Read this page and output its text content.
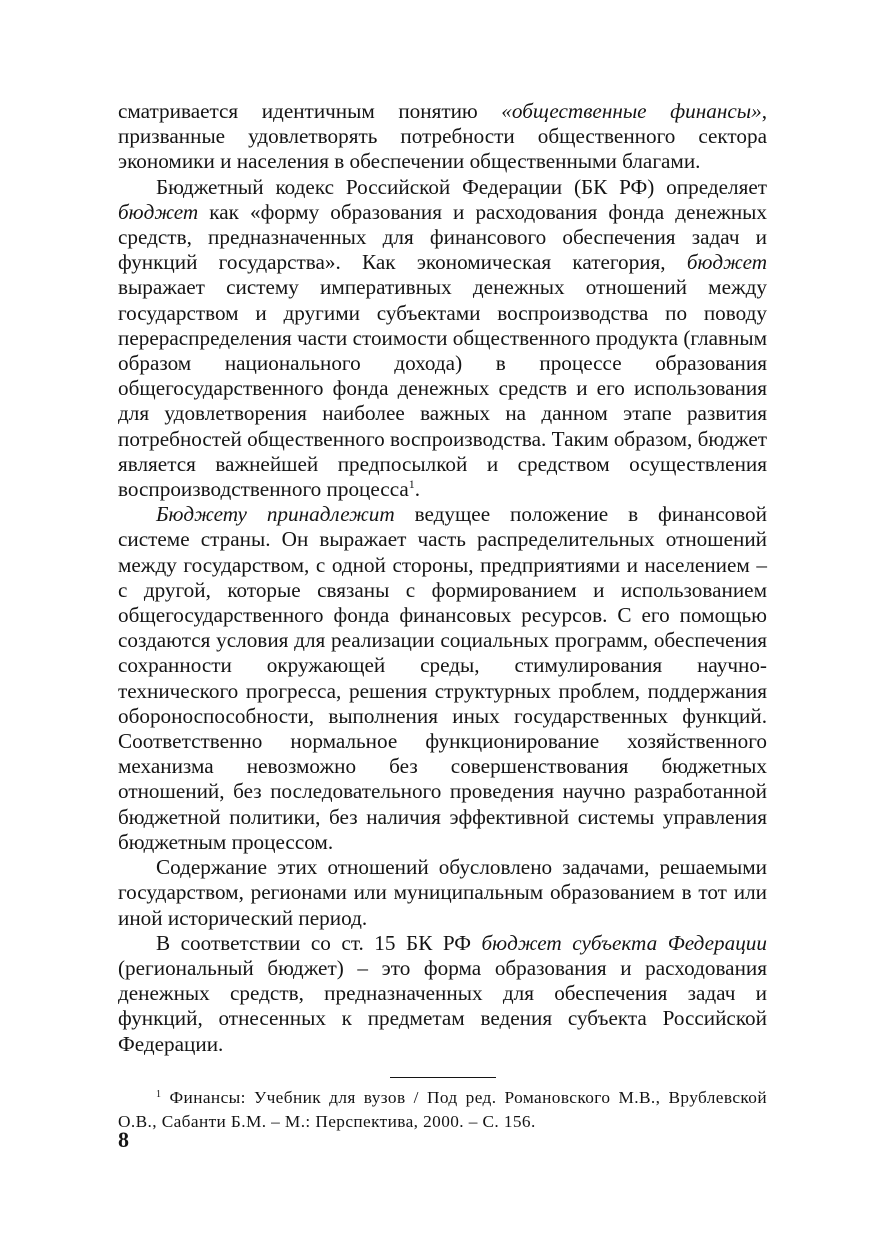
сматривается идентичным понятию «общественные финансы», призванные удовлетворять потребности общественного сектора экономики и населения в обеспечении общественными благами.

Бюджетный кодекс Российской Федерации (БК РФ) определяет бюджет как «форму образования и расходования фонда денежных средств, предназначенных для финансового обеспечения задач и функций государства». Как экономическая категория, бюджет выражает систему императивных денежных отношений между государством и другими субъектами воспроизводства по поводу перераспределения части стоимости общественного продукта (главным образом национального дохода) в процессе образования общегосударственного фонда денежных средств и его использования для удовлетворения наиболее важных на данном этапе развития потребностей общественного воспроизводства. Таким образом, бюджет является важнейшей предпосылкой и средством осуществления воспроизводственного процесса$^1$.

Бюджету принадлежит ведущее положение в финансовой системе страны. Он выражает часть распределительных отношений между государством, с одной стороны, предприятиями и населением – с другой, которые связаны с формированием и использованием общегосударственного фонда финансовых ресурсов. С его помощью создаются условия для реализации социальных программ, обеспечения сохранности окружающей среды, стимулирования научно-технического прогресса, решения структурных проблем, поддержания обороноспособности, выполнения иных государственных функций. Соответственно нормальное функционирование хозяйственного механизма невозможно без совершенствования бюджетных отношений, без последовательного проведения научно разработанной бюджетной политики, без наличия эффективной системы управления бюджетным процессом.

Содержание этих отношений обусловлено задачами, решаемыми государством, регионами или муниципальным образованием в тот или иной исторический период.

В соответствии со ст. 15 БК РФ бюджет субъекта Федерации (региональный бюджет) – это форма образования и расходования денежных средств, предназначенных для обеспечения задач и функций, отнесенных к предметам ведения субъекта Российской Федерации.

$^1$ Финансы: Учебник для вузов / Под ред. Романовского М.В., Врублевской О.В., Сабанти Б.М. – М.: Перспектива, 2000. – С. 156.

8
